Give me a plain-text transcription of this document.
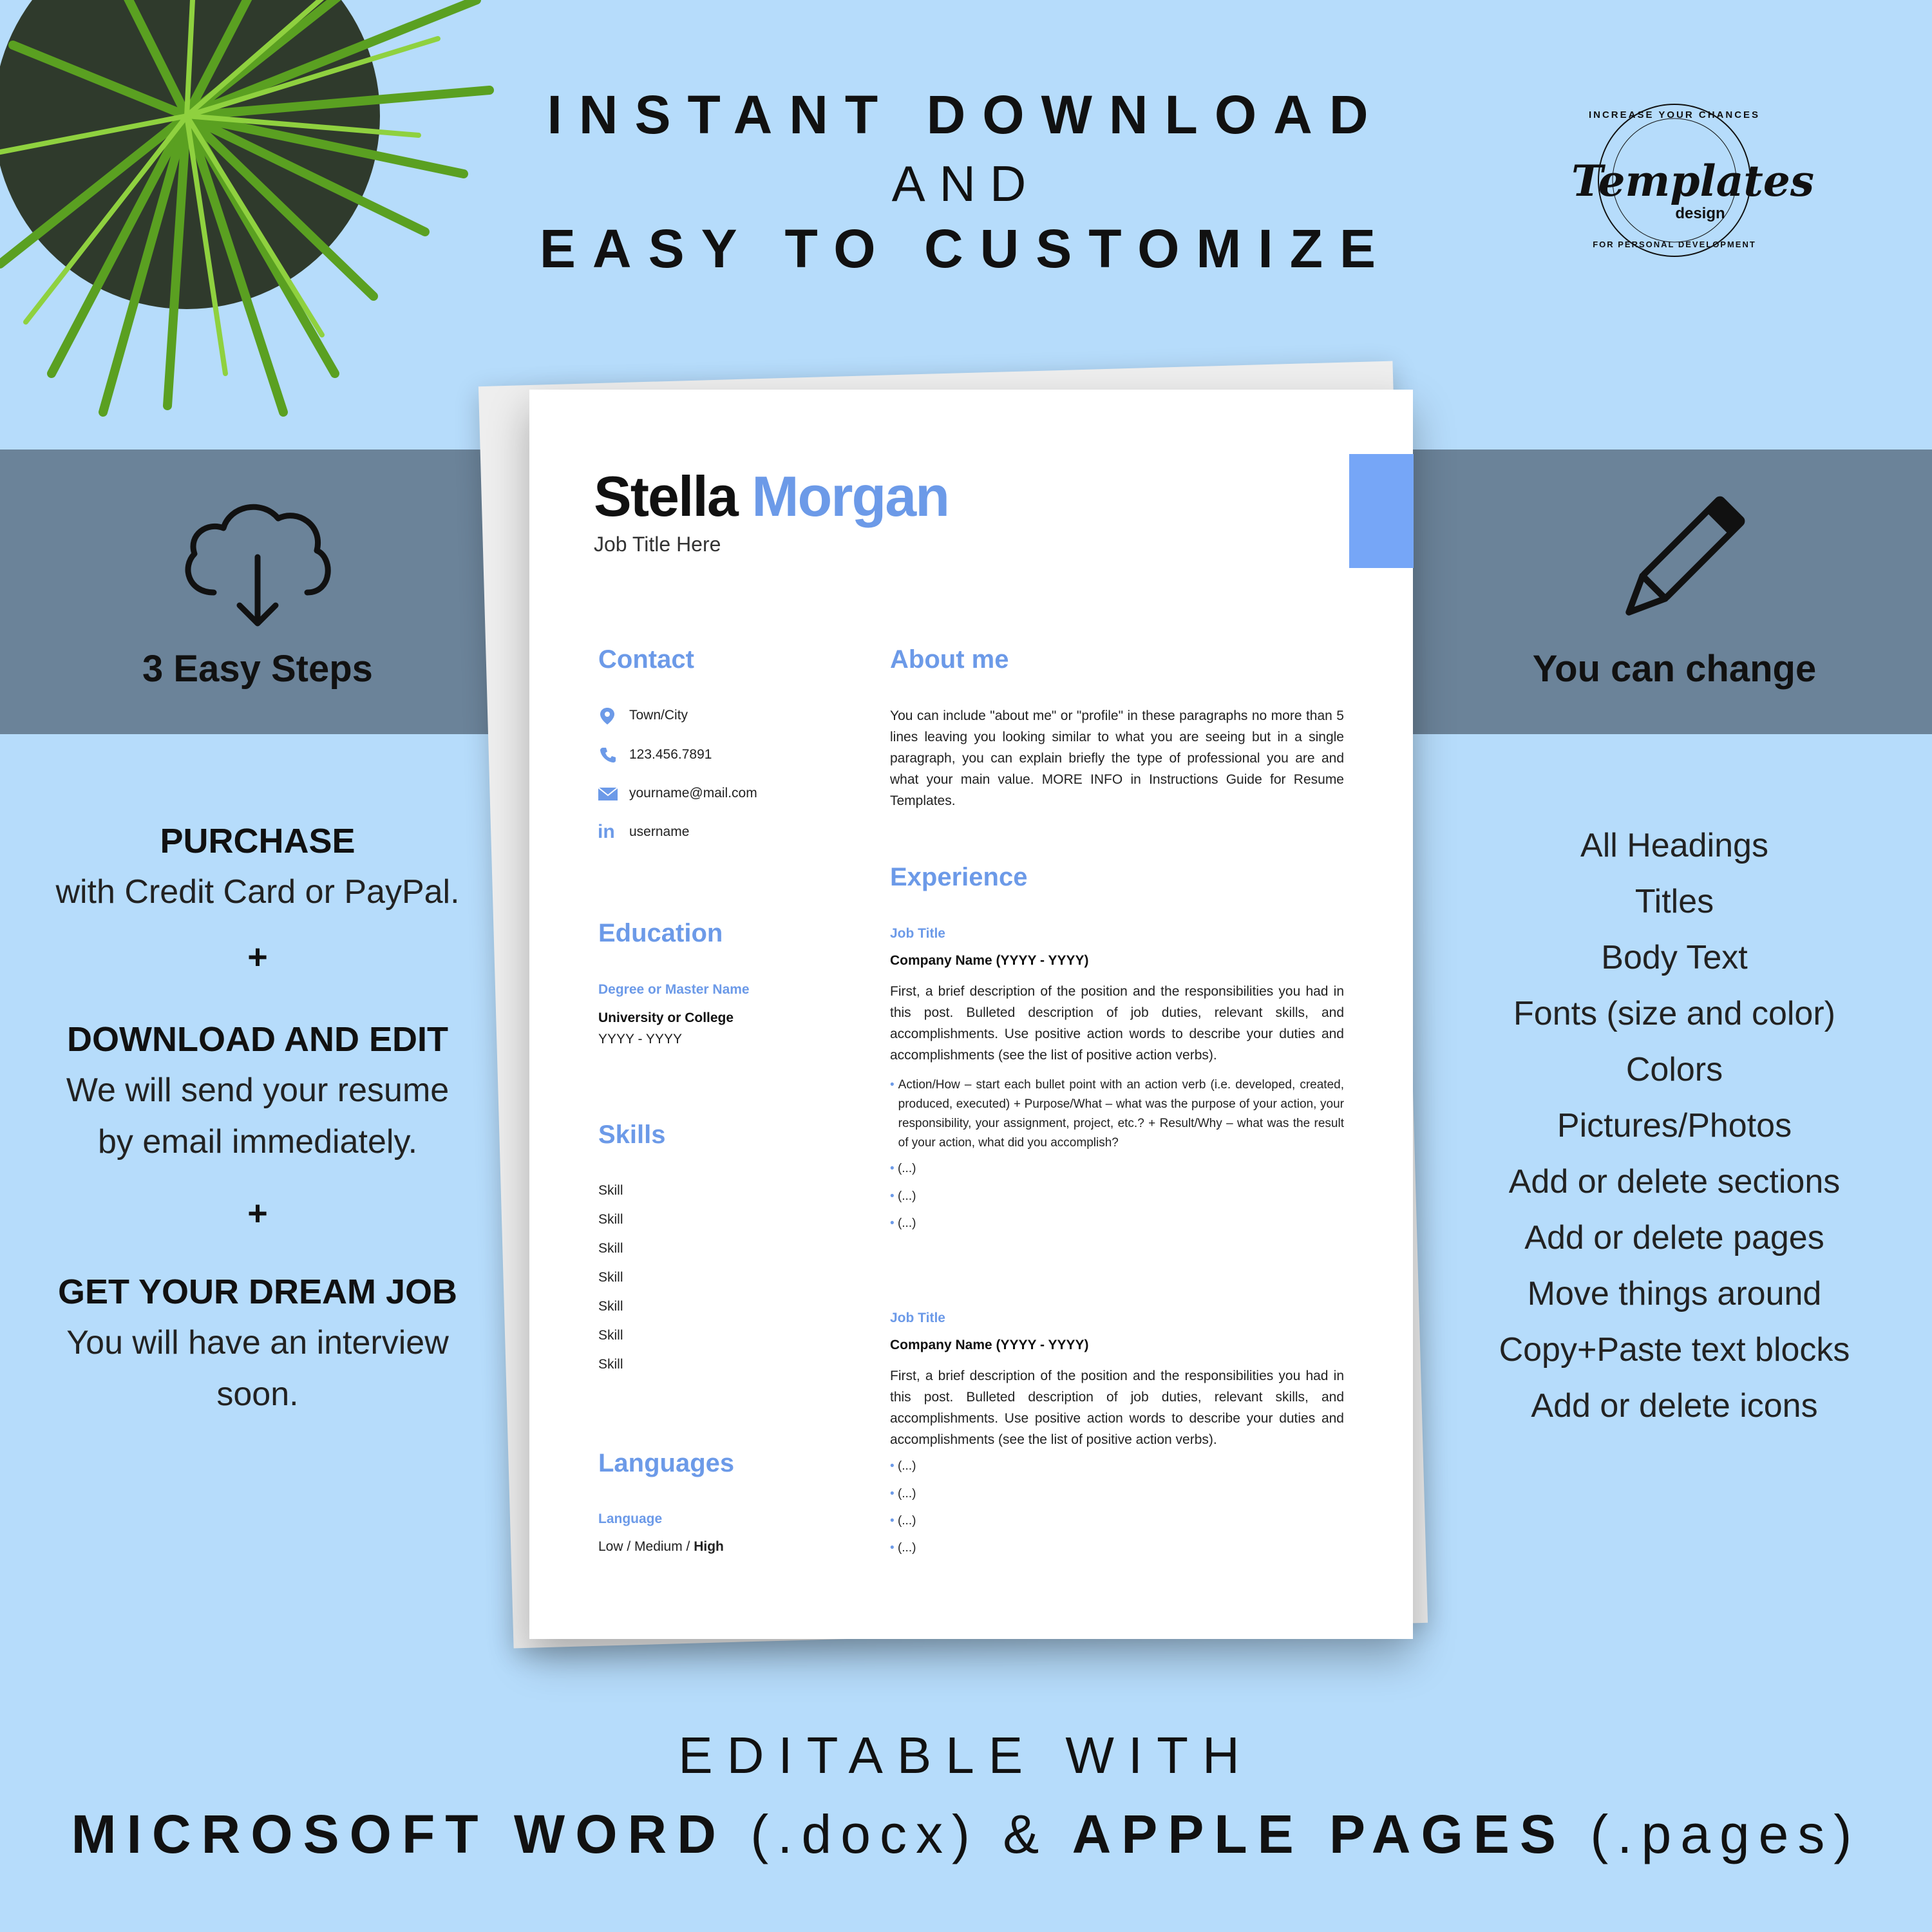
INSTANT DOWNLOAD
AND
EASY TO CUSTOMIZE
INCREASE YOUR CHANCES
Templates
design
FOR PERSONAL DEVELOPMENT
3 Easy Steps	You can change
PURCHASE
with Credit Card or PayPal.
+
DOWNLOAD AND EDIT
We will send your resume by email immediately.
+
GET YOUR DREAM JOB
You will have an interview soon.
All Headings
Titles
Body Text
Fonts (size and color)
Colors
Pictures/Photos
Add or delete sections
Add or delete pages
Move things around
Copy+Paste text blocks
Add or delete icons
Stella Morgan
Job Title Here
Contact
Town/City
123.456.7891
yourname@mail.com
in username
Education
Degree or Master Name
University or College
YYYY - YYYY
Skills
Skill
Skill
Skill
Skill
Skill
Skill
Skill
Languages
Language
Low / Medium / High
About me
You can include "about me" or "profile" in these paragraphs no more than 5 lines leaving you looking similar to what you are seeing but in a single paragraph, you can explain briefly the type of professional you are and what your main value. MORE INFO in Instructions Guide for Resume Templates.
Experience
Job Title
Company Name (YYYY - YYYY)
First, a brief description of the position and the responsibilities you had in this post. Bulleted description of job duties, relevant skills, and accomplishments. Use positive action words to describe your duties and accomplishments (see the list of positive action verbs).
• Action/How – start each bullet point with an action verb (i.e. developed, created, produced, executed) + Purpose/What – what was the purpose of your action, your responsibility, your assignment, project, etc.? + Result/Why – what was the result of your action, what did you accomplish?
• (...)
• (...)
• (...)
Job Title
Company Name (YYYY - YYYY)
First, a brief description of the position and the responsibilities you had in this post. Bulleted description of job duties, relevant skills, and accomplishments. Use positive action words to describe your duties and accomplishments (see the list of positive action verbs).
• (...)
• (...)
• (...)
• (...)
EDITABLE WITH
MICROSOFT WORD (.docx) & APPLE PAGES (.pages)
